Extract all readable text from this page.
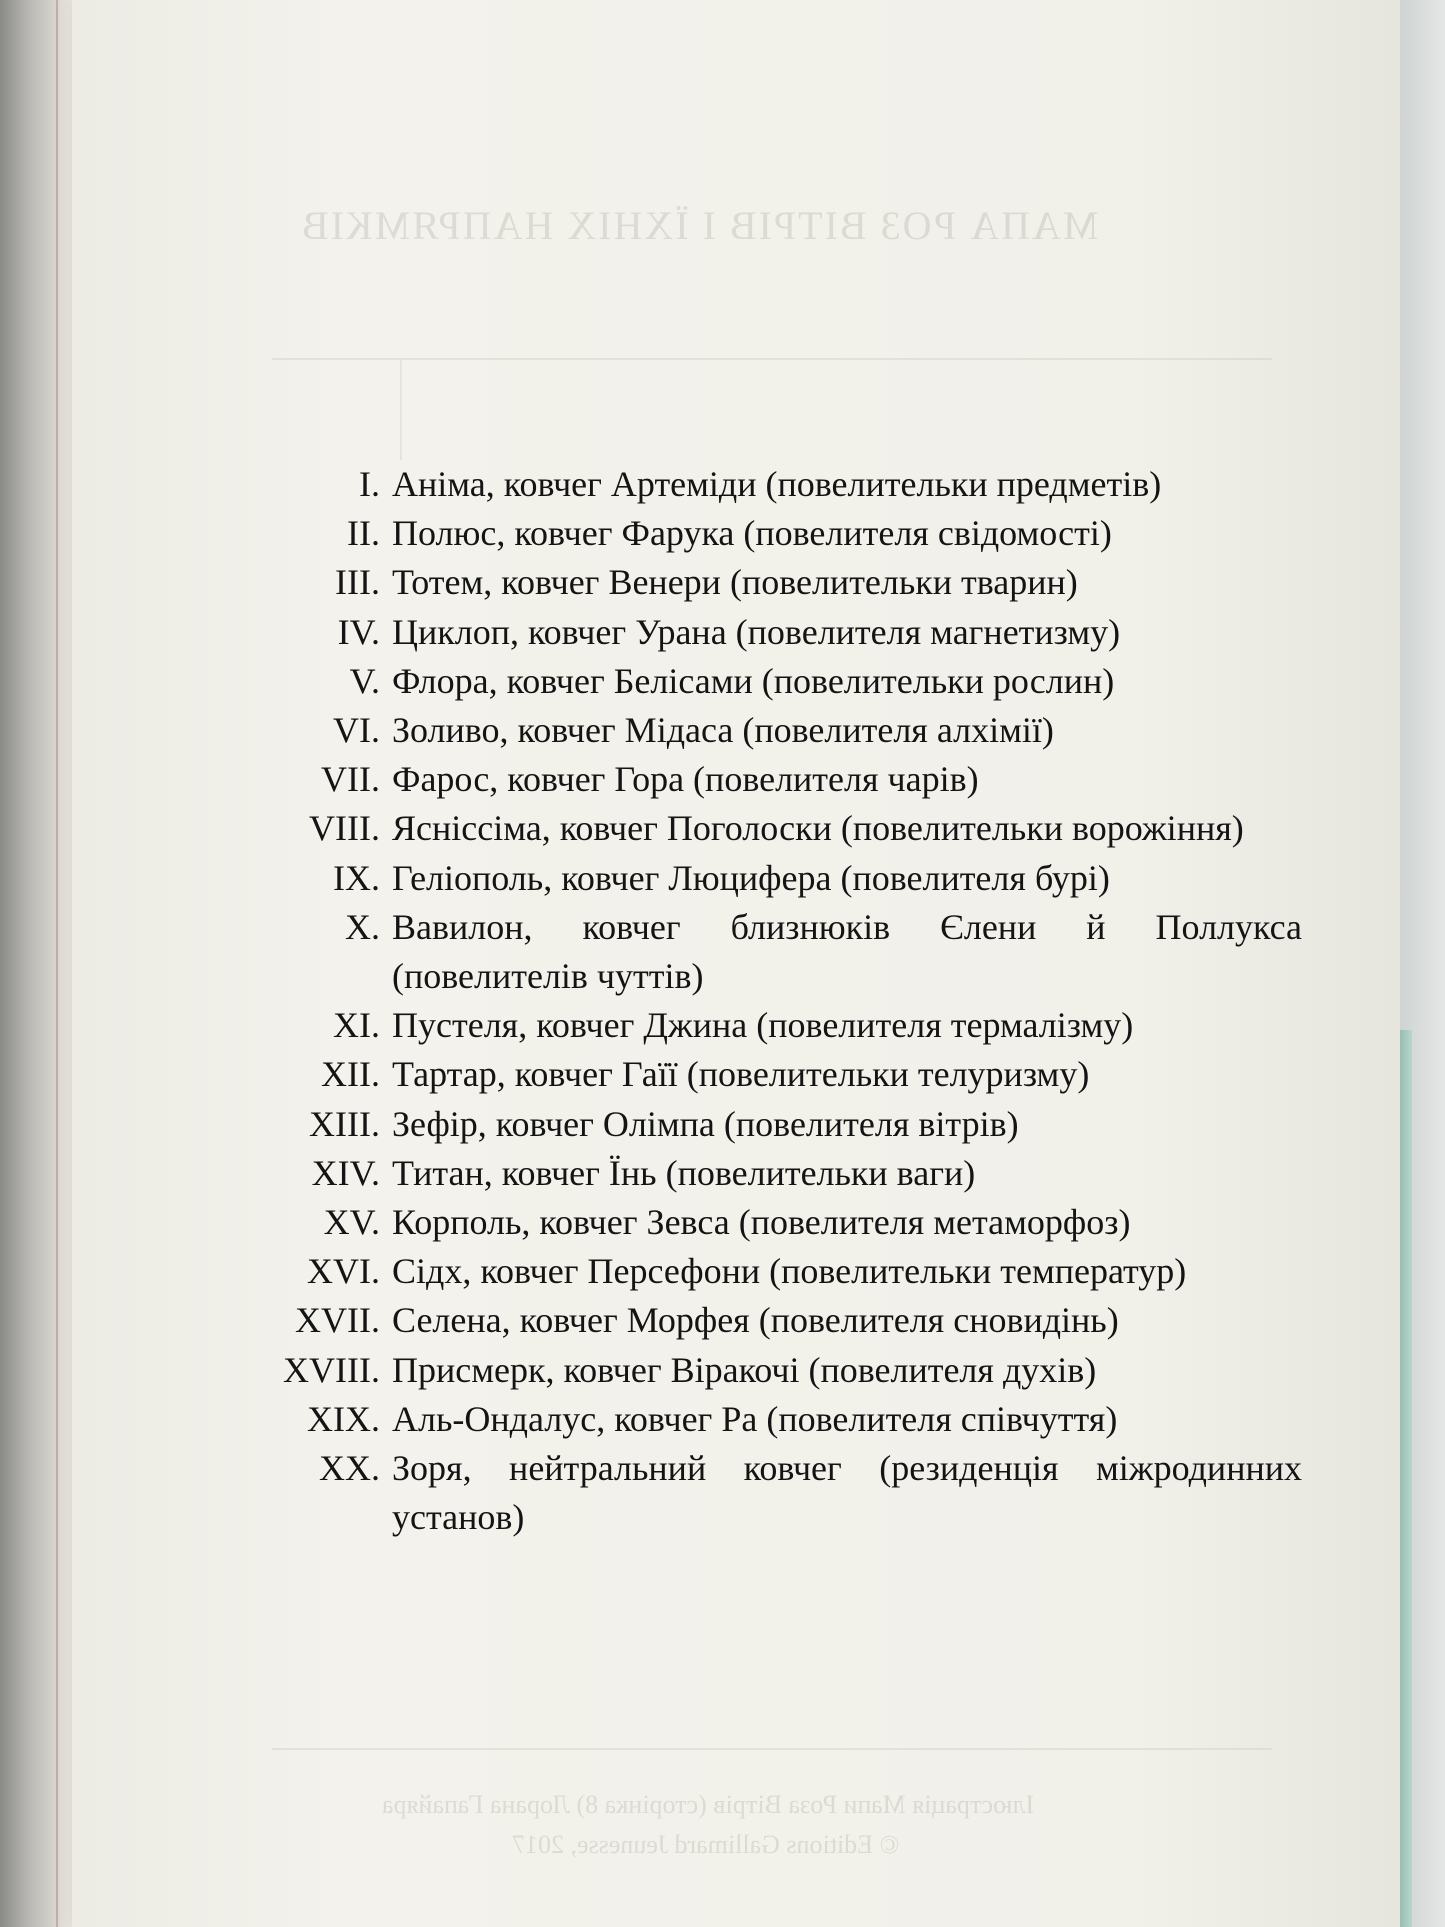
МАПА РОЗ ВІТРІВ І ЇХНІХ НАПРЯМКІВ
Ілюстрація Мапи Роза Вітрів (сторінка 8) Лорана Гапайяра
© Editions Gallimard Jeunesse, 2017
I. Аніма, ковчег Артеміди (повелительки предметів)
II. Полюс, ковчег Фарука (повелителя свідомості)
III. Тотем, ковчег Венери (повелительки тварин)
IV. Циклоп, ковчег Урана (повелителя магнетизму)
V. Флора, ковчег Белісами (повелительки рослин)
VI. Золиво, ковчег Мідаса (повелителя алхімії)
VII. Фарос, ковчег Гора (повелителя чарів)
VIII. Ясніссіма, ковчег Поголоски (повелительки ворожіння)
IX. Геліополь, ковчег Люцифера (повелителя бурі)
X. Вавилон, ковчег близнюків Єлени й Поллукса (повелителів чуттів)
XI. Пустеля, ковчег Джина (повелителя термалізму)
XII. Тартар, ковчег Гаїї (повелительки телуризму)
XIII. Зефір, ковчег Олімпа (повелителя вітрів)
XIV. Титан, ковчег Їнь (повелительки ваги)
XV. Корполь, ковчег Зевса (повелителя метаморфоз)
XVI. Сідх, ковчег Персефони (повелительки температур)
XVII. Селена, ковчег Морфея (повелителя сновидінь)
XVIII. Присмерк, ковчег Віракочі (повелителя духів)
XIX. Аль-Ондалус, ковчег Ра (повелителя співчуття)
XX. Зоря, нейтральний ковчег (резиденція міжродинних установ)
